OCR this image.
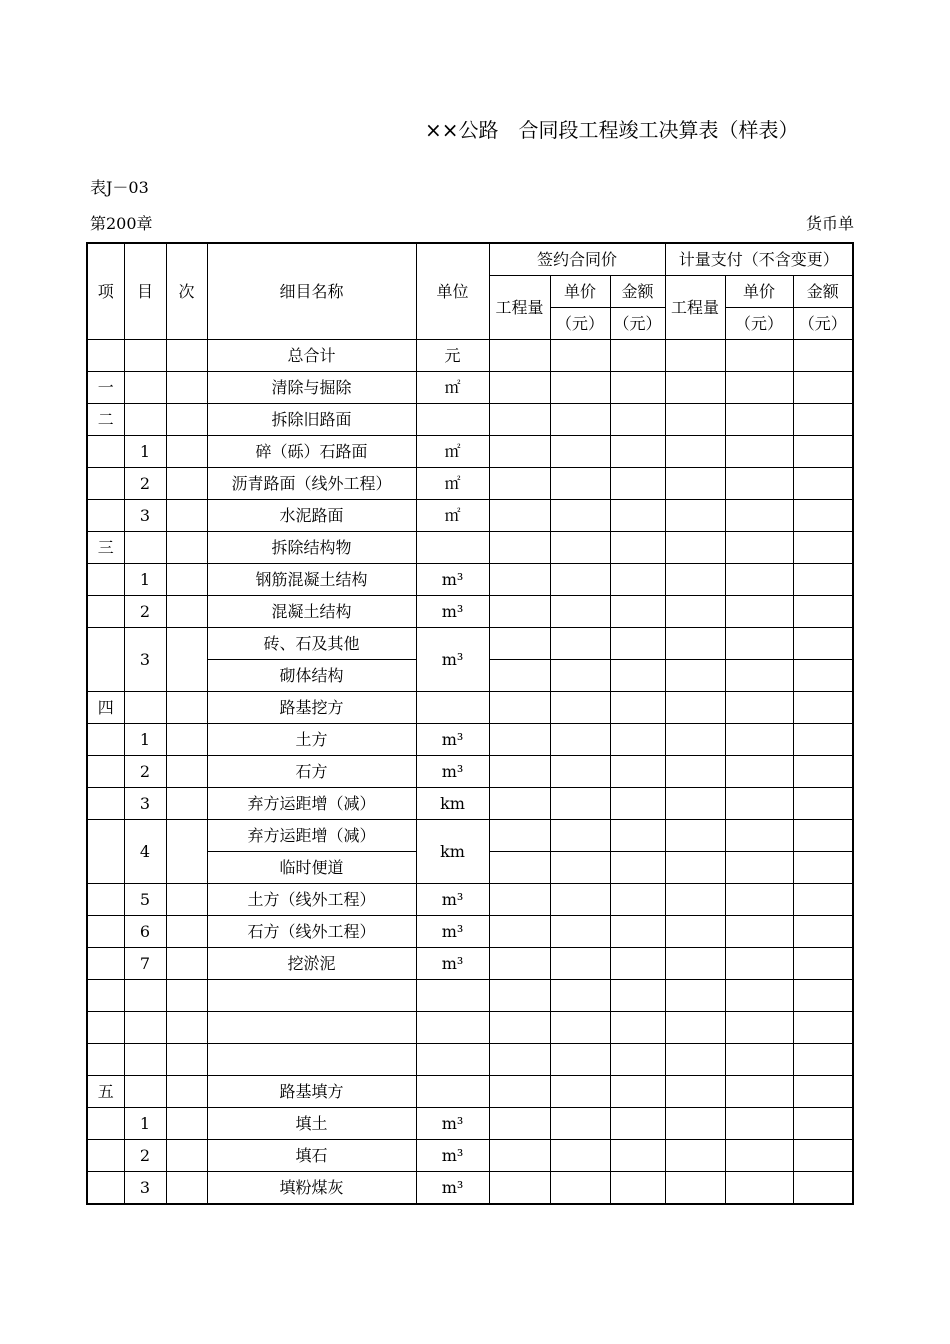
××公路　合同段工程竣工决算表（样表）
表J－03
第200章	货币单
项	目	次	细目名称	单位	签约合同价			计量支付（不含变更）		
					工程量	单价	金额	工程量	单价	金额
						（元）	（元）		（元）	（元）
			总合计	元						
一			清除与掘除	㎡						
二			拆除旧路面							
	1		碎（砾）石路面	㎡						
	2		沥青路面（线外工程）	㎡						
	3		水泥路面	㎡						
三			拆除结构物							
	1		钢筋混凝土结构	m³						
	2		混凝土结构	m³						
	3		砖、石及其他	m³						
			砌体结构							
四			路基挖方							
	1		土方	m³						
	2		石方	m³						
	3		弃方运距增（减）	km						
	4		弃方运距增（减）	km						
			临时便道							
	5		土方（线外工程）	m³						
	6		石方（线外工程）	m³						
	7		挖淤泥	m³						

五			路基填方							
	1		填土	m³						
	2		填石	m³						
	3		填粉煤灰	m³						
